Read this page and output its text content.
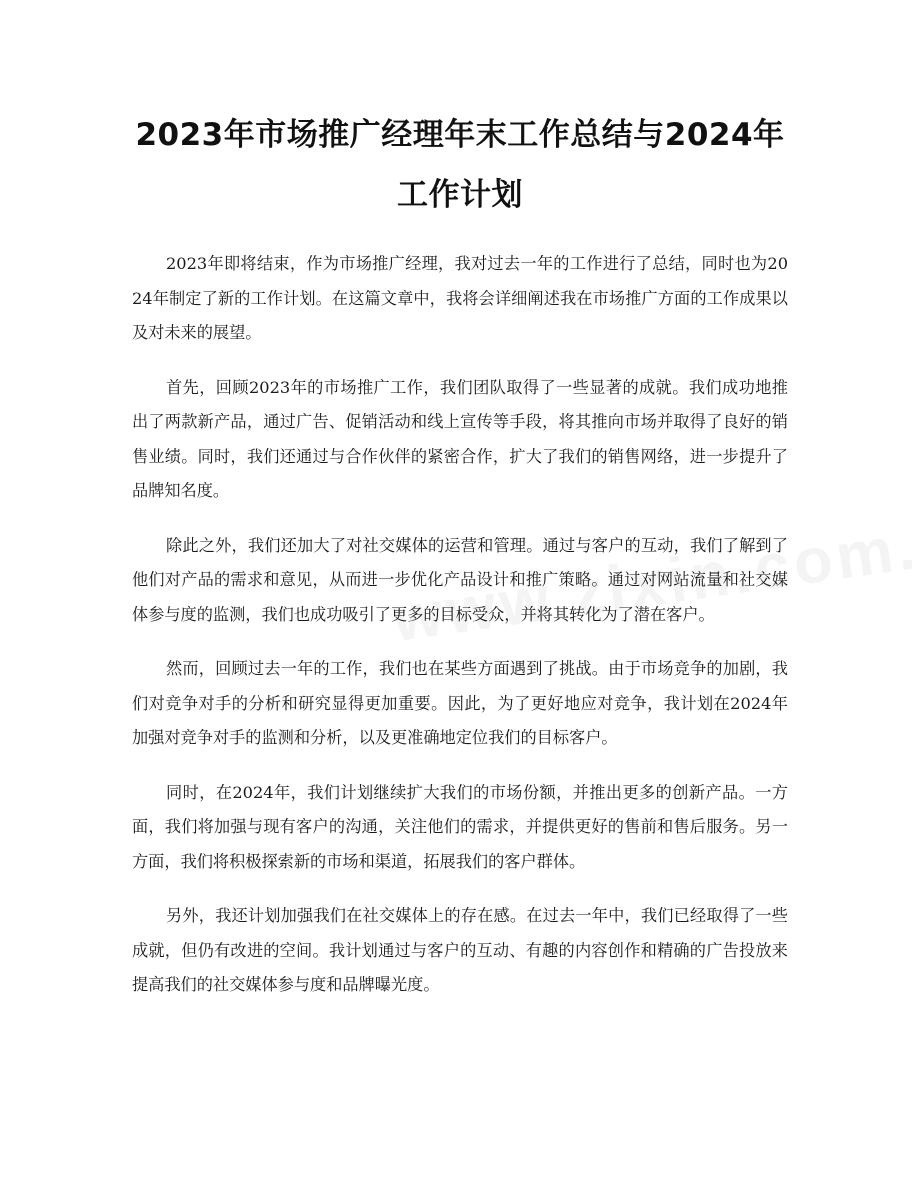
2023年市场推广经理年末工作总结与2024年工作计划

2023年即将结束，作为市场推广经理，我对过去一年的工作进行了总结，同时也为2024年制定了新的工作计划。在这篇文章中，我将会详细阐述我在市场推广方面的工作成果以及对未来的展望。

首先，回顾2023年的市场推广工作，我们团队取得了一些显著的成就。我们成功地推出了两款新产品，通过广告、促销活动和线上宣传等手段，将其推向市场并取得了良好的销售业绩。同时，我们还通过与合作伙伴的紧密合作，扩大了我们的销售网络，进一步提升了品牌知名度。

除此之外，我们还加大了对社交媒体的运营和管理。通过与客户的互动，我们了解到了他们对产品的需求和意见，从而进一步优化产品设计和推广策略。通过对网站流量和社交媒体参与度的监测，我们也成功吸引了更多的目标受众，并将其转化为了潜在客户。

然而，回顾过去一年的工作，我们也在某些方面遇到了挑战。由于市场竞争的加剧，我们对竞争对手的分析和研究显得更加重要。因此，为了更好地应对竞争，我计划在2024年加强对竞争对手的监测和分析，以及更准确地定位我们的目标客户。

同时，在2024年，我们计划继续扩大我们的市场份额，并推出更多的创新产品。一方面，我们将加强与现有客户的沟通，关注他们的需求，并提供更好的售前和售后服务。另一方面，我们将积极探索新的市场和渠道，拓展我们的客户群体。

另外，我还计划加强我们在社交媒体上的存在感。在过去一年中，我们已经取得了一些成就，但仍有改进的空间。我计划通过与客户的互动、有趣的内容创作和精确的广告投放来提高我们的社交媒体参与度和品牌曝光度。
